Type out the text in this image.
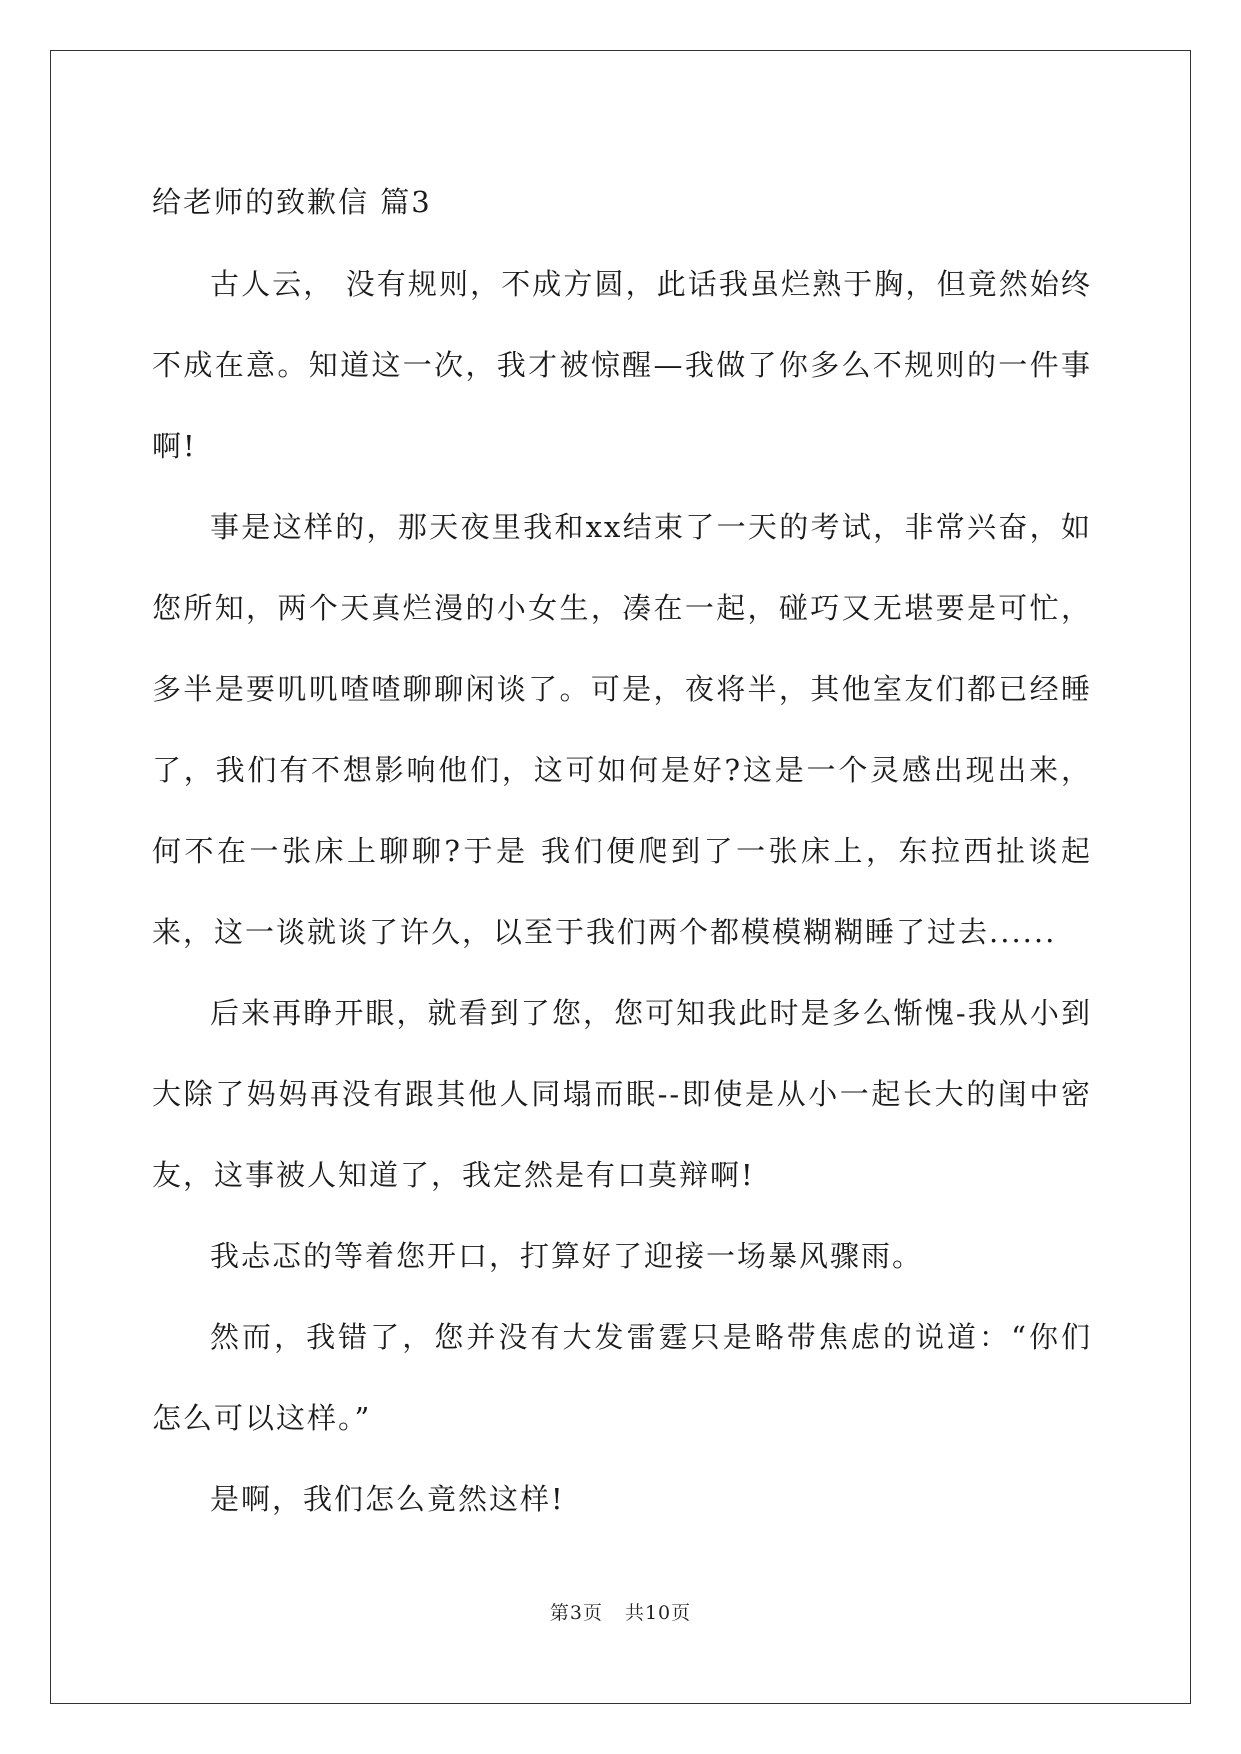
给老师的致歉信 篇3

古人云， 没有规则，不成方圆，此话我虽烂熟于胸，但竟然始终不成在意。知道这一次，我才被惊醒—我做了你多么不规则的一件事啊!

事是这样的，那天夜里我和xx结束了一天的考试，非常兴奋，如您所知，两个天真烂漫的小女生，凑在一起，碰巧又无堪要是可忙，多半是要叽叽喳喳聊聊闲谈了。可是，夜将半，其他室友们都已经睡了，我们有不想影响他们，这可如何是好?这是一个灵感出现出来，何不在一张床上聊聊?于是 我们便爬到了一张床上，东拉西扯谈起来，这一谈就谈了许久，以至于我们两个都模模糊糊睡了过去......

后来再睁开眼，就看到了您，您可知我此时是多么惭愧-我从小到大除了妈妈再没有跟其他人同塌而眠--即使是从小一起长大的闺中密友，这事被人知道了，我定然是有口莫辩啊!

我忐忑的等着您开口，打算好了迎接一场暴风骤雨。

然而，我错了，您并没有大发雷霆只是略带焦虑的说道：“你们怎么可以这样。”

是啊，我们怎么竟然这样!

第3页 共10页
